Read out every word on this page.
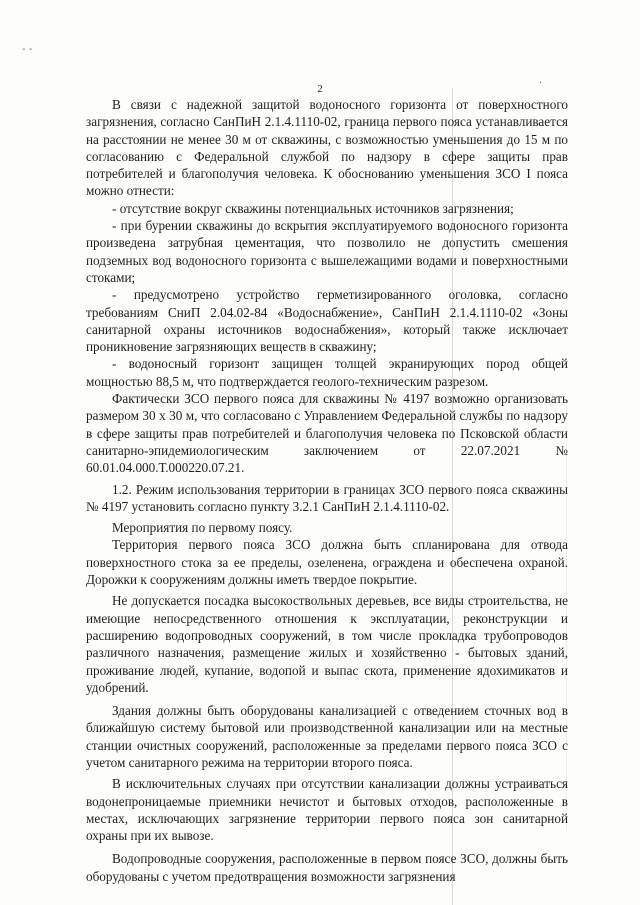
- -
·
2

В связи с надежной защитой водоносного горизонта от поверхностного загрязнения, согласно СанПиН 2.1.4.1110-02, граница первого пояса устанавливается на расстоянии не менее 30 м от скважины, с возможностью уменьшения до 15 м по согласованию с Федеральной службой по надзору в сфере защиты прав потребителей и благополучия человека. К обоснованию уменьшения ЗСО I пояса можно отнести:

- отсутствие вокруг скважины потенциальных источников загрязнения;

- при бурении скважины до вскрытия эксплуатируемого водоносного горизонта произведена затрубная цементация, что позволило не допустить смешения подземных вод водоносного горизонта с вышележащими водами и поверхностными стоками;

- предусмотрено устройство герметизированного оголовка, согласно требованиям СниП 2.04.02-84 «Водоснабжение», СанПиН 2.1.4.1110-02 «Зоны санитарной охраны источников водоснабжения», который также исключает проникновение загрязняющих веществ в скважину;

- водоносный горизонт защищен толщей экранирующих пород общей мощностью 88,5 м, что подтверждается геолого-техническим разрезом.

Фактически ЗСО первого пояса для скважины № 4197 возможно организовать размером 30 х 30 м, что согласовано с Управлением Федеральной службы по надзору в сфере защиты прав потребителей и благополучия человека по Псковской области санитарно-эпидемиологическим заключением от 22.07.2021 № 60.01.04.000.Т.000220.07.21.

1.2. Режим использования территории в границах ЗСО первого пояса скважины № 4197 установить согласно пункту 3.2.1 СанПиН 2.1.4.1110-02.

Мероприятия по первому поясу.

Территория первого пояса ЗСО должна быть спланирована для отвода поверхностного стока за ее пределы, озеленена, ограждена и обеспечена охраной. Дорожки к сооружениям должны иметь твердое покрытие.

Не допускается посадка высокоствольных деревьев, все виды строительства, не имеющие непосредственного отношения к эксплуатации, реконструкции и расширению водопроводных сооружений, в том числе прокладка трубопроводов различного назначения, размещение жилых и хозяйственно - бытовых зданий, проживание людей, купание, водопой и выпас скота, применение ядохимикатов и удобрений.

Здания должны быть оборудованы канализацией с отведением сточных вод в ближайшую систему бытовой или производственной канализации или на местные станции очистных сооружений, расположенные за пределами первого пояса ЗСО с учетом санитарного режима на территории второго пояса.

В исключительных случаях при отсутствии канализации должны устраиваться водонепроницаемые приемники нечистот и бытовых отходов, расположенные в местах, исключающих загрязнение территории первого пояса зон санитарной охраны при их вывозе.

Водопроводные сооружения, расположенные в первом поясе ЗСО, должны быть оборудованы с учетом предотвращения возможности загрязнения
